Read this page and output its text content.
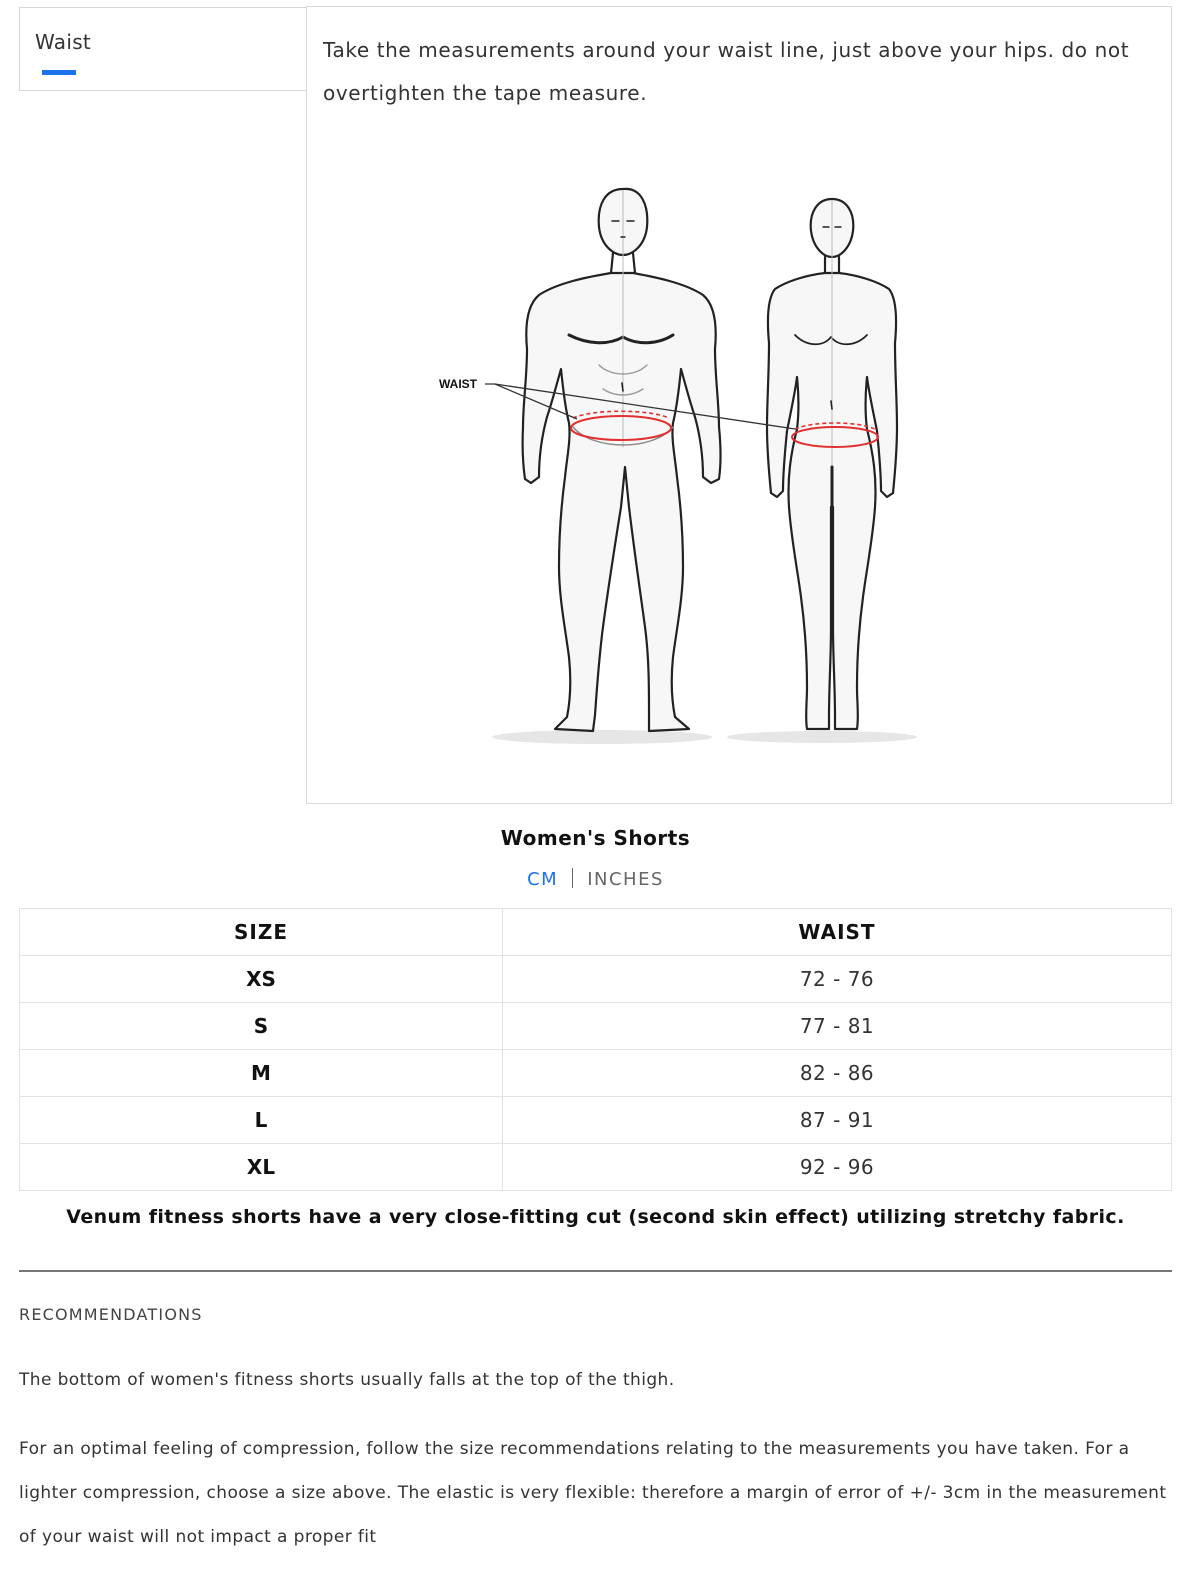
Waist	Take the measurements around your waist line, just above your hips. do not overtighten the tape measure.

WAIST
Women's Shorts
CM INCHES
SIZE	WAIST
XS	72 - 76
S	77 - 81
M	82 - 86
L	87 - 91
XL	92 - 96
Venum fitness shorts have a very close-fitting cut (second skin effect) utilizing stretchy fabric.
RECOMMENDATIONS

The bottom of women's fitness shorts usually falls at the top of the thigh.

For an optimal feeling of compression, follow the size recommendations relating to the measurements you have taken. For a lighter compression, choose a size above. The elastic is very flexible: therefore a margin of error of +/- 3cm in the measurement of your waist will not impact a proper fit
